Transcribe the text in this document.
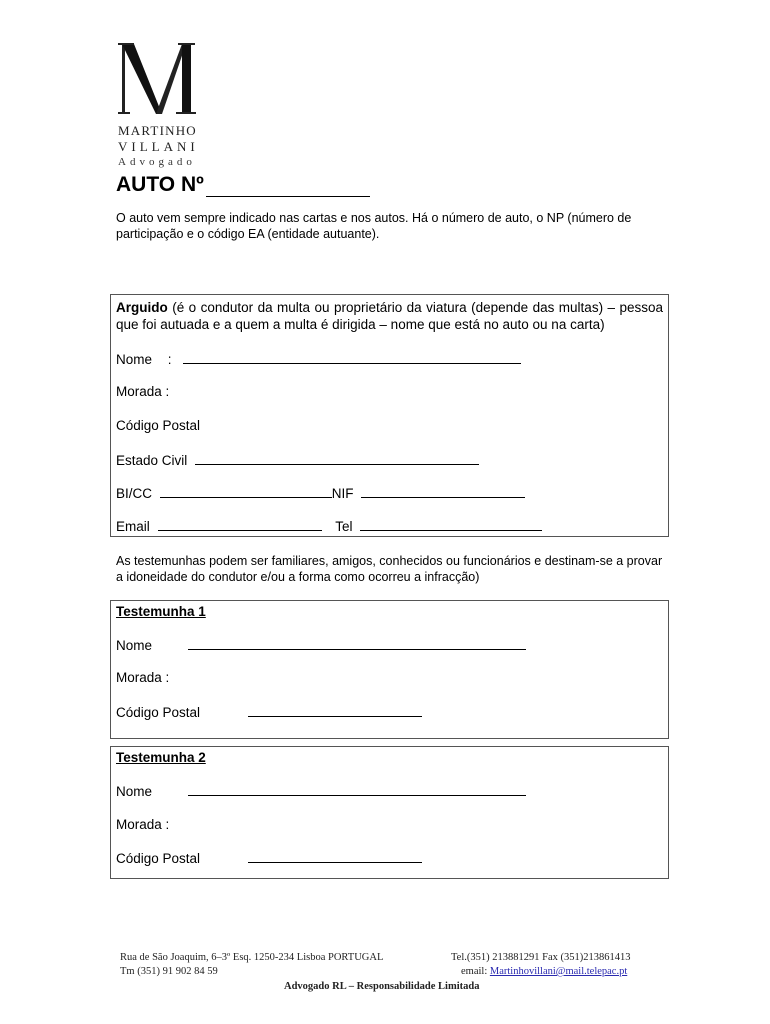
MARTINHO
VILLANI
Advogado
AUTO Nº
O auto vem sempre indicado nas cartas e nos autos. Há o número de auto, o NP (número de participação e o código EA (entidade autuante).
Arguido (é o condutor da multa ou proprietário da viatura (depende das multas) – pessoa que foi autuada e a quem a multa é dirigida – nome que está no auto ou na carta)
Nome :
Morada :
Código Postal
Estado Civil
BI/CC	NIF
Email	Tel
As testemunhas podem ser familiares, amigos, conhecidos ou funcionários e destinam-se a provar a idoneidade do condutor e/ou a forma como ocorreu a infracção)
Testemunha 1
Nome
Morada :
Código Postal
Testemunha 2
Nome
Morada :
Código Postal
Rua de São Joaquim, 6–3º Esq. 1250-234 Lisboa PORTUGAL	Tel.(351) 213881291 Fax (351)213861413
Tm (351) 91 902 84 59	email: Martinhovillani@mail.telepac.pt
Advogado RL – Responsabilidade Limitada
